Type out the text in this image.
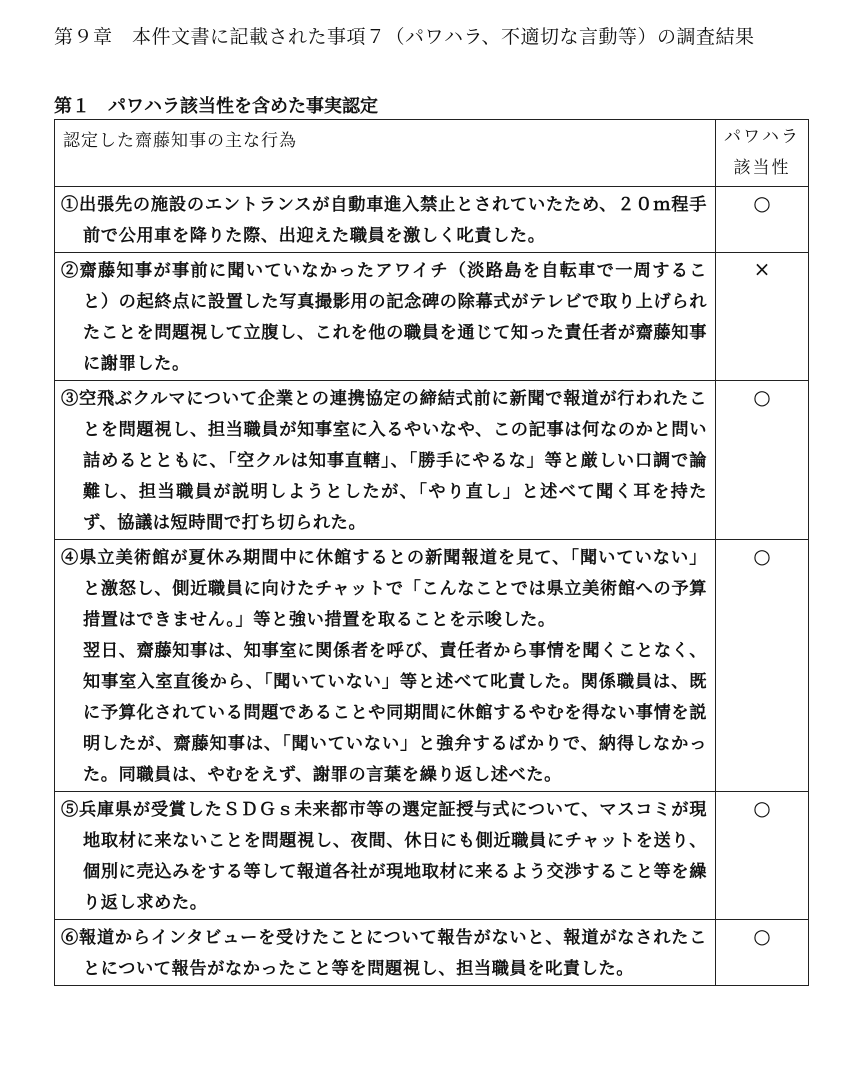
第９章　本件文書に記載された事項７（パワハラ、不適切な言動等）の調査結果
第１　パワハラ該当性を含めた事実認定
認定した齋藤知事の主な行為	パワハラ
該当性

①出張先の施設のエントランスが自動車進入禁止とされていたため、２０ｍ程手前で公用車を降りた際、出迎えた職員を激しく叱責した。	○

②齋藤知事が事前に聞いていなかったアワイチ（淡路島を自転車で一周すること）の起終点に設置した写真撮影用の記念碑の除幕式がテレビで取り上げられたことを問題視して立腹し、これを他の職員を通じて知った責任者が齋藤知事に謝罪した。	×

③空飛ぶクルマについて企業との連携協定の締結式前に新聞で報道が行われたことを問題視し、担当職員が知事室に入るやいなや、この記事は何なのかと問い詰めるとともに、「空クルは知事直轄」、「勝手にやるな」等と厳しい口調で論難し、担当職員が説明しようとしたが、「やり直し」と述べて聞く耳を持たず、協議は短時間で打ち切られた。	○

④県立美術館が夏休み期間中に休館するとの新聞報道を見て、「聞いていない」と激怒し、側近職員に向けたチャットで「こんなことでは県立美術館への予算措置はできません。」等と強い措置を取ることを示唆した。

翌日、齋藤知事は、知事室に関係者を呼び、責任者から事情を聞くことなく、知事室入室直後から、「聞いていない」等と述べて叱責した。関係職員は、既に予算化されている問題であることや同期間に休館するやむを得ない事情を説明したが、齋藤知事は、「聞いていない」と強弁するばかりで、納得しなかった。同職員は、やむをえず、謝罪の言葉を繰り返し述べた。	○

⑤兵庫県が受賞したＳＤＧｓ未来都市等の選定証授与式について、マスコミが現地取材に来ないことを問題視し、夜間、休日にも側近職員にチャットを送り、個別に売込みをする等して報道各社が現地取材に来るよう交渉すること等を繰り返し求めた。	○

⑥報道からインタビューを受けたことについて報告がないと、報道がなされたことについて報告がなかったこと等を問題視し、担当職員を叱責した。	○
